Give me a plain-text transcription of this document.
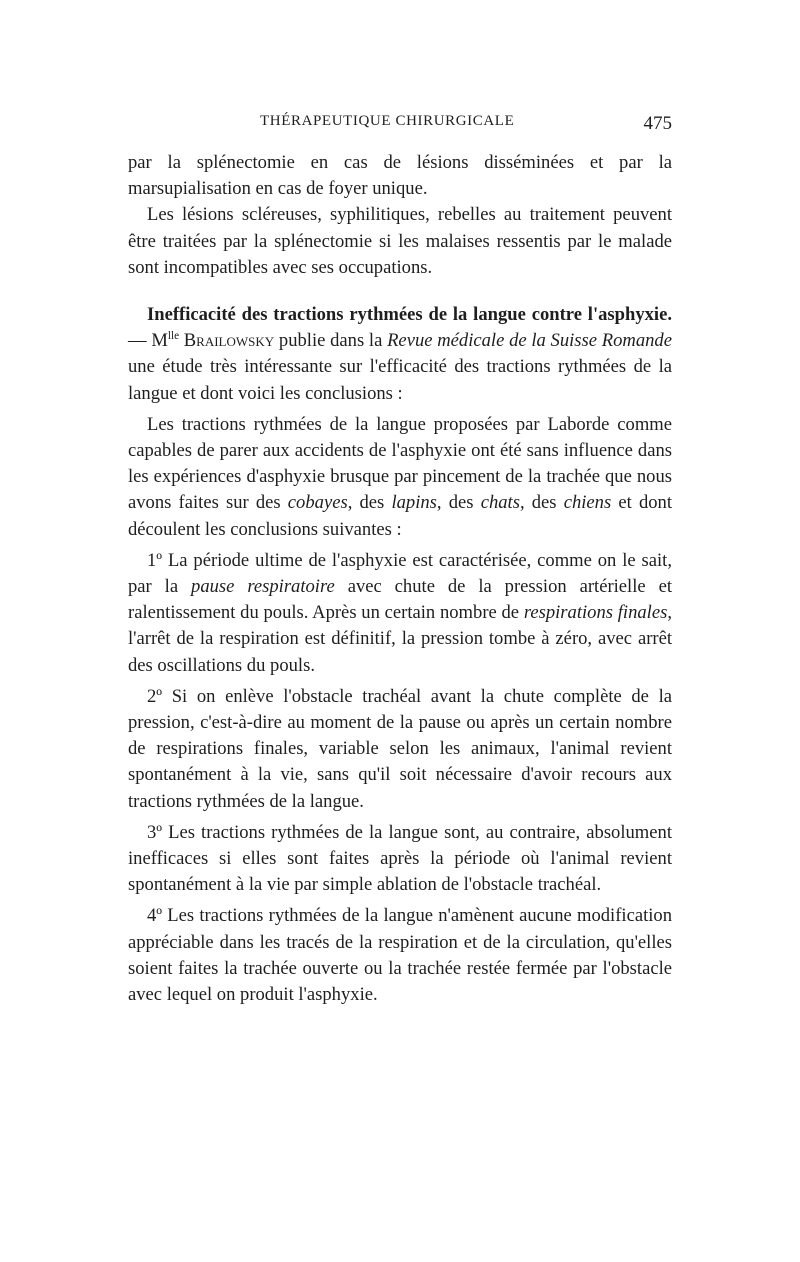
THÉRAPEUTIQUE CHIRURGICALE	475

par la splénectomie en cas de lésions disséminées et par la marsupialisation en cas de foyer unique.

Les lésions scléreuses, syphilitiques, rebelles au traitement peuvent être traitées par la splénectomie si les malaises ressentis par le malade sont incompatibles avec ses occupations.

Inefficacité des tractions rythmées de la langue contre l'asphyxie. — $M^{lle}$ Brailowsky publie dans la Revue médicale de la Suisse Romande une étude très intéressante sur l'efficacité des tractions rythmées de la langue et dont voici les conclusions :

Les tractions rythmées de la langue proposées par Laborde comme capables de parer aux accidents de l'asphyxie ont été sans influence dans les expériences d'asphyxie brusque par pincement de la trachée que nous avons faites sur des cobayes, des lapins, des chats, des chiens et dont découlent les conclusions suivantes :

1º La période ultime de l'asphyxie est caractérisée, comme on le sait, par la pause respiratoire avec chute de la pression artérielle et ralentissement du pouls. Après un certain nombre de respirations finales, l'arrêt de la respiration est définitif, la pression tombe à zéro, avec arrêt des oscillations du pouls.

2º Si on enlève l'obstacle trachéal avant la chute complète de la pression, c'est-à-dire au moment de la pause ou après un certain nombre de respirations finales, variable selon les animaux, l'animal revient spontanément à la vie, sans qu'il soit nécessaire d'avoir recours aux tractions rythmées de la langue.

3º Les tractions rythmées de la langue sont, au contraire, absolument inefficaces si elles sont faites après la période où l'animal revient spontanément à la vie par simple ablation de l'obstacle trachéal.

4º Les tractions rythmées de la langue n'amènent aucune modification appréciable dans les tracés de la respiration et de la circulation, qu'elles soient faites la trachée ouverte ou la trachée restée fermée par l'obstacle avec lequel on produit l'asphyxie.
